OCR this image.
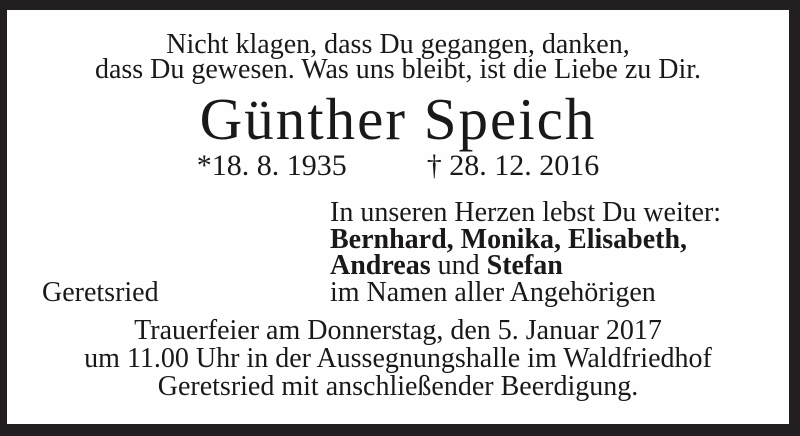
Nicht klagen, dass Du gegangen, danken,
dass Du gewesen. Was uns bleibt, ist die Liebe zu Dir.
Günther Speich
*18. 8. 1935	† 28. 12. 2016
In unseren Herzen lebst Du weiter:
Bernhard, Monika, Elisabeth,
Andreas und Stefan
im Namen aller Angehörigen
Geretsried
Trauerfeier am Donnerstag, den 5. Januar 2017
um 11.00 Uhr in der Aussegnungshalle im Waldfriedhof
Geretsried mit anschließender Beerdigung.
